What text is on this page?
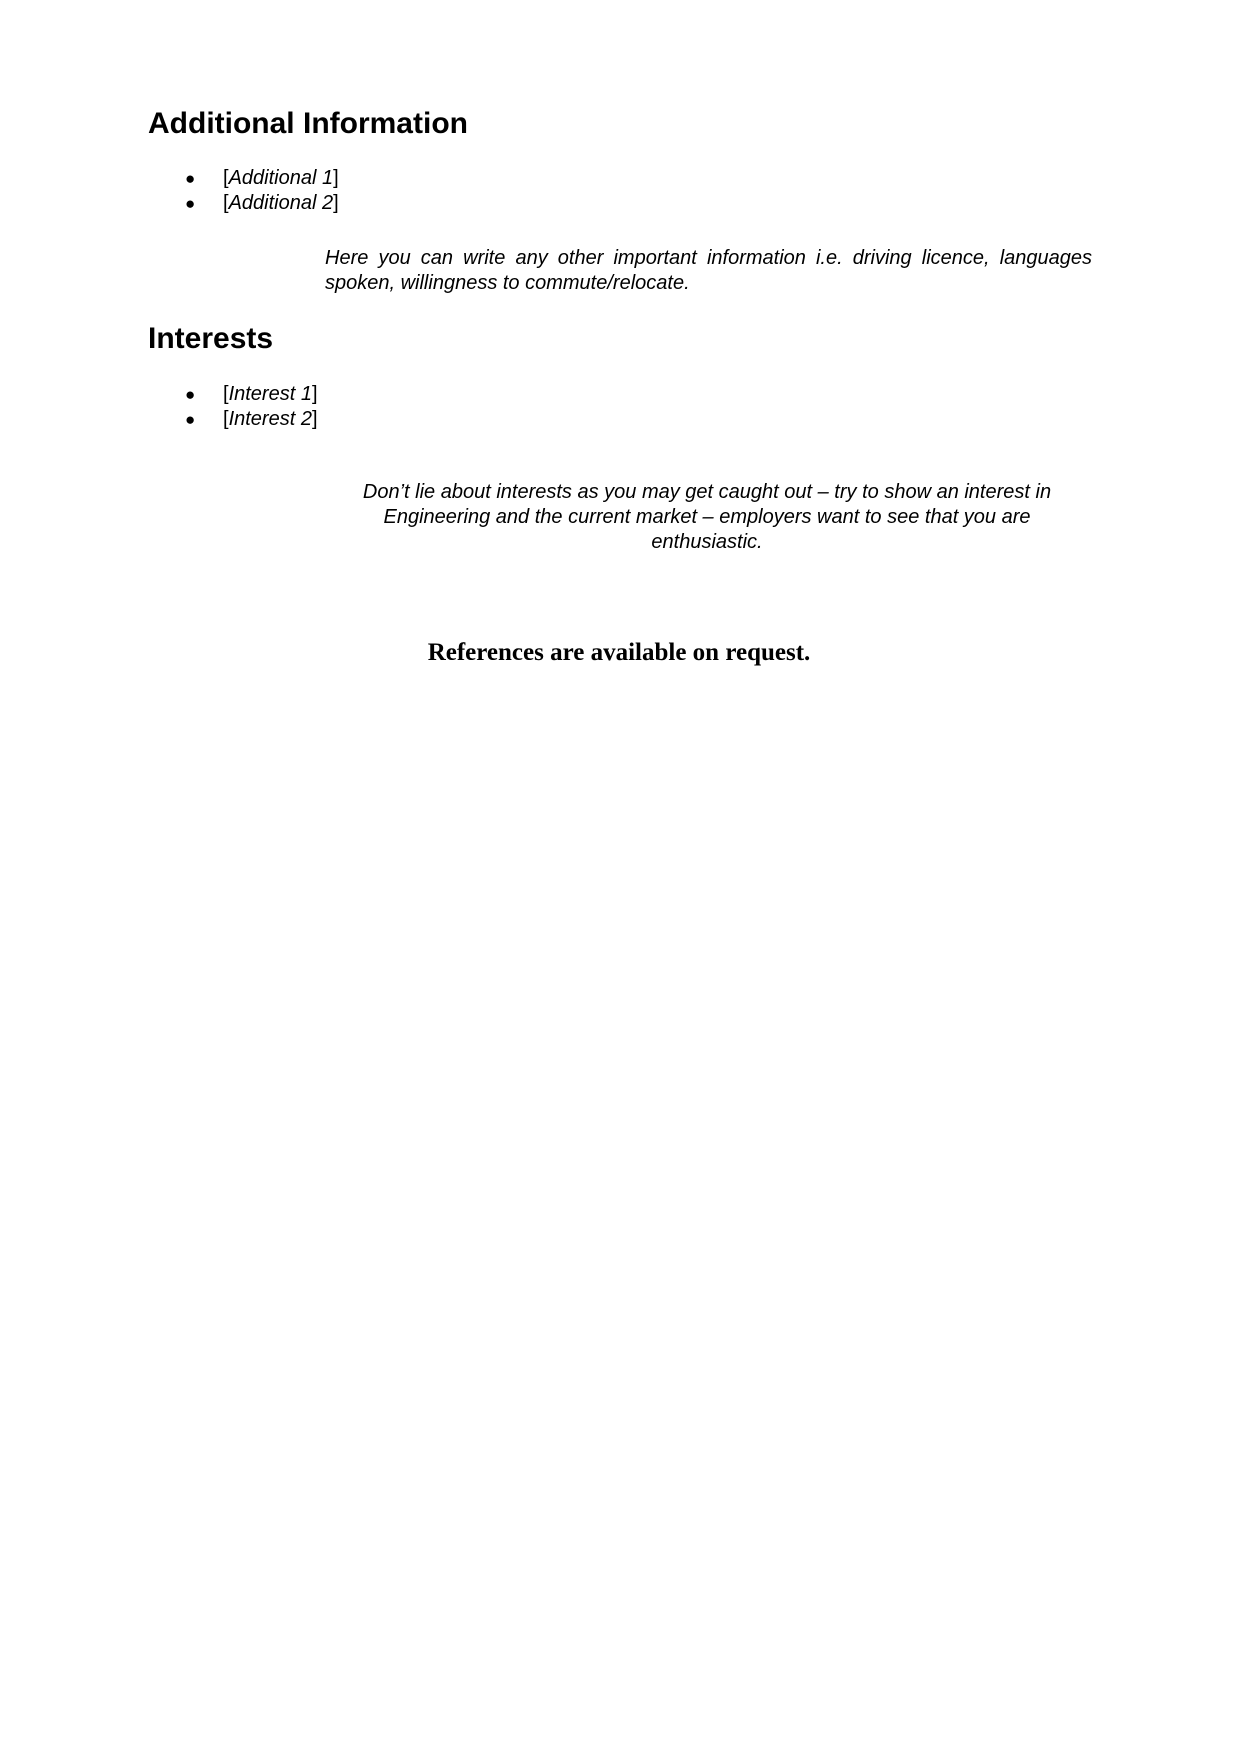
Additional Information
● [Additional 1]
● [Additional 2]

Here you can write any other important information i.e. driving licence, languages spoken, willingness to commute/relocate.

Interests
● [Interest 1]
● [Interest 2]

Don’t lie about interests as you may get caught out – try to show an interest in Engineering and the current market – employers want to see that you are enthusiastic.

References are available on request.
